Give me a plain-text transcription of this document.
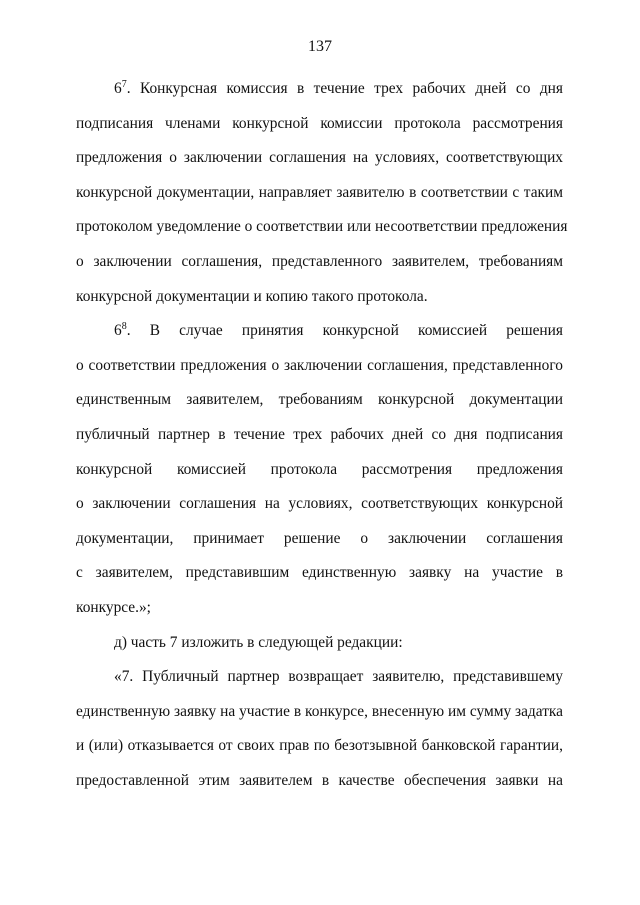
137
$6^7$. Конкурсная комиссия в течение трех рабочих дней со дня
подписания членами конкурсной комиссии протокола рассмотрения
предложения о заключении соглашения на условиях, соответствующих
конкурсной документации, направляет заявителю в соответствии с таким
протоколом уведомление о соответствии или несоответствии предложения
о заключении соглашения, представленного заявителем, требованиям
конкурсной документации и копию такого протокола.
$6^8$. В случае принятия конкурсной комиссией решения
о соответствии предложения о заключении соглашения, представленного
единственным заявителем, требованиям конкурсной документации
публичный партнер в течение трех рабочих дней со дня подписания
конкурсной комиссией протокола рассмотрения предложения
о заключении соглашения на условиях, соответствующих конкурсной
документации, принимает решение о заключении соглашения
с заявителем, представившим единственную заявку на участие в
конкурсе.»;
д) часть 7 изложить в следующей редакции:
«7. Публичный партнер возвращает заявителю, представившему
единственную заявку на участие в конкурсе, внесенную им сумму задатка
и (или) отказывается от своих прав по безотзывной банковской гарантии,
предоставленной этим заявителем в качестве обеспечения заявки на
